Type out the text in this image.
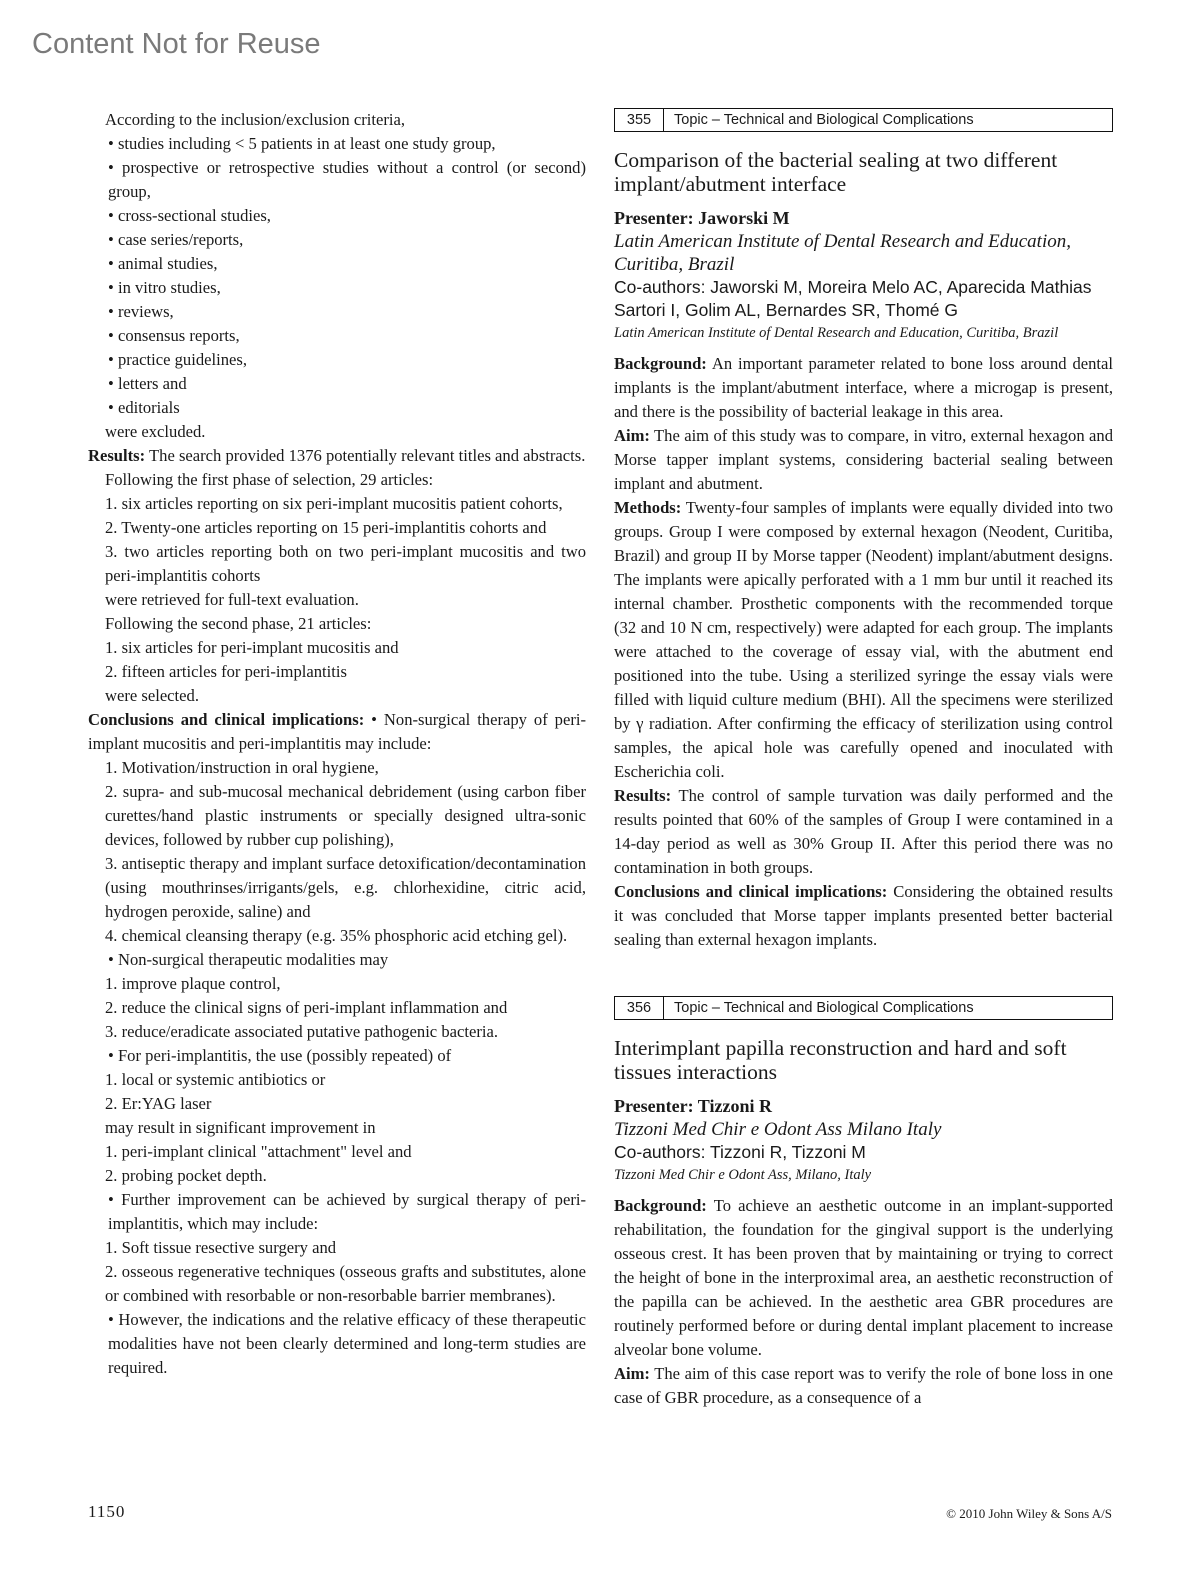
Content Not for Reuse
According to the inclusion/exclusion criteria,
• studies including < 5 patients in at least one study group,
• prospective or retrospective studies without a control (or second) group,
• cross-sectional studies,
• case series/reports,
• animal studies,
• in vitro studies,
• reviews,
• consensus reports,
• practice guidelines,
• letters and
• editorials
were excluded.
Results: The search provided 1376 potentially relevant titles and abstracts.
Following the first phase of selection, 29 articles:
1. six articles reporting on six peri-implant mucositis patient cohorts,
2. Twenty-one articles reporting on 15 peri-implantitis cohorts and
3. two articles reporting both on two peri-implant mucositis and two peri-implantitis cohorts
were retrieved for full-text evaluation.
Following the second phase, 21 articles:
1. six articles for peri-implant mucositis and
2. fifteen articles for peri-implantitis
were selected.
Conclusions and clinical implications: • Non-surgical therapy of peri-implant mucositis and peri-implantitis may include:
1. Motivation/instruction in oral hygiene,
2. supra- and sub-mucosal mechanical debridement (using carbon fiber curettes/hand plastic instruments or specially designed ultra-sonic devices, followed by rubber cup polishing),
3. antiseptic therapy and implant surface detoxification/decontamination (using mouthrinses/irrigants/gels, e.g. chlorhexidine, citric acid, hydrogen peroxide, saline) and
4. chemical cleansing therapy (e.g. 35% phosphoric acid etching gel).
• Non-surgical therapeutic modalities may
1. improve plaque control,
2. reduce the clinical signs of peri-implant inflammation and
3. reduce/eradicate associated putative pathogenic bacteria.
• For peri-implantitis, the use (possibly repeated) of
1. local or systemic antibiotics or
2. Er:YAG laser
may result in significant improvement in
1. peri-implant clinical "attachment" level and
2. probing pocket depth.
• Further improvement can be achieved by surgical therapy of peri-implantitis, which may include:
1. Soft tissue resective surgery and
2. osseous regenerative techniques (osseous grafts and substitutes, alone or combined with resorbable or non-resorbable barrier membranes).
• However, the indications and the relative efficacy of these therapeutic modalities have not been clearly determined and long-term studies are required.
355	Topic – Technical and Biological Complications
Comparison of the bacterial sealing at two different implant/abutment interface
Presenter: Jaworski M
Latin American Institute of Dental Research and Education, Curitiba, Brazil
Co-authors: Jaworski M, Moreira Melo AC, Aparecida Mathias Sartori I, Golim AL, Bernardes SR, Thomé G
Latin American Institute of Dental Research and Education, Curitiba, Brazil
Background: An important parameter related to bone loss around dental implants is the implant/abutment interface, where a microgap is present, and there is the possibility of bacterial leakage in this area.
Aim: The aim of this study was to compare, in vitro, external hexagon and Morse tapper implant systems, considering bacterial sealing between implant and abutment.
Methods: Twenty-four samples of implants were equally divided into two groups. Group I were composed by external hexagon (Neodent, Curitiba, Brazil) and group II by Morse tapper (Neodent) implant/abutment designs. The implants were apically perforated with a 1 mm bur until it reached its internal chamber. Prosthetic components with the recommended torque (32 and 10 N cm, respectively) were adapted for each group. The implants were attached to the coverage of essay vial, with the abutment end positioned into the tube. Using a sterilized syringe the essay vials were filled with liquid culture medium (BHI). All the specimens were sterilized by γ radiation. After confirming the efficacy of sterilization using control samples, the apical hole was carefully opened and inoculated with Escherichia coli.
Results: The control of sample turvation was daily performed and the results pointed that 60% of the samples of Group I were contamined in a 14-day period as well as 30% Group II. After this period there was no contamination in both groups.
Conclusions and clinical implications: Considering the obtained results it was concluded that Morse tapper implants presented better bacterial sealing than external hexagon implants.
356	Topic – Technical and Biological Complications
Interimplant papilla reconstruction and hard and soft tissues interactions
Presenter: Tizzoni R
Tizzoni Med Chir e Odont Ass Milano Italy
Co-authors: Tizzoni R, Tizzoni M
Tizzoni Med Chir e Odont Ass, Milano, Italy
Background: To achieve an aesthetic outcome in an implant-supported rehabilitation, the foundation for the gingival support is the underlying osseous crest. It has been proven that by maintaining or trying to correct the height of bone in the interproximal area, an aesthetic reconstruction of the papilla can be achieved. In the aesthetic area GBR procedures are routinely performed before or during dental implant placement to increase alveolar bone volume.
Aim: The aim of this case report was to verify the role of bone loss in one case of GBR procedure, as a consequence of a
1150	© 2010 John Wiley & Sons A/S
